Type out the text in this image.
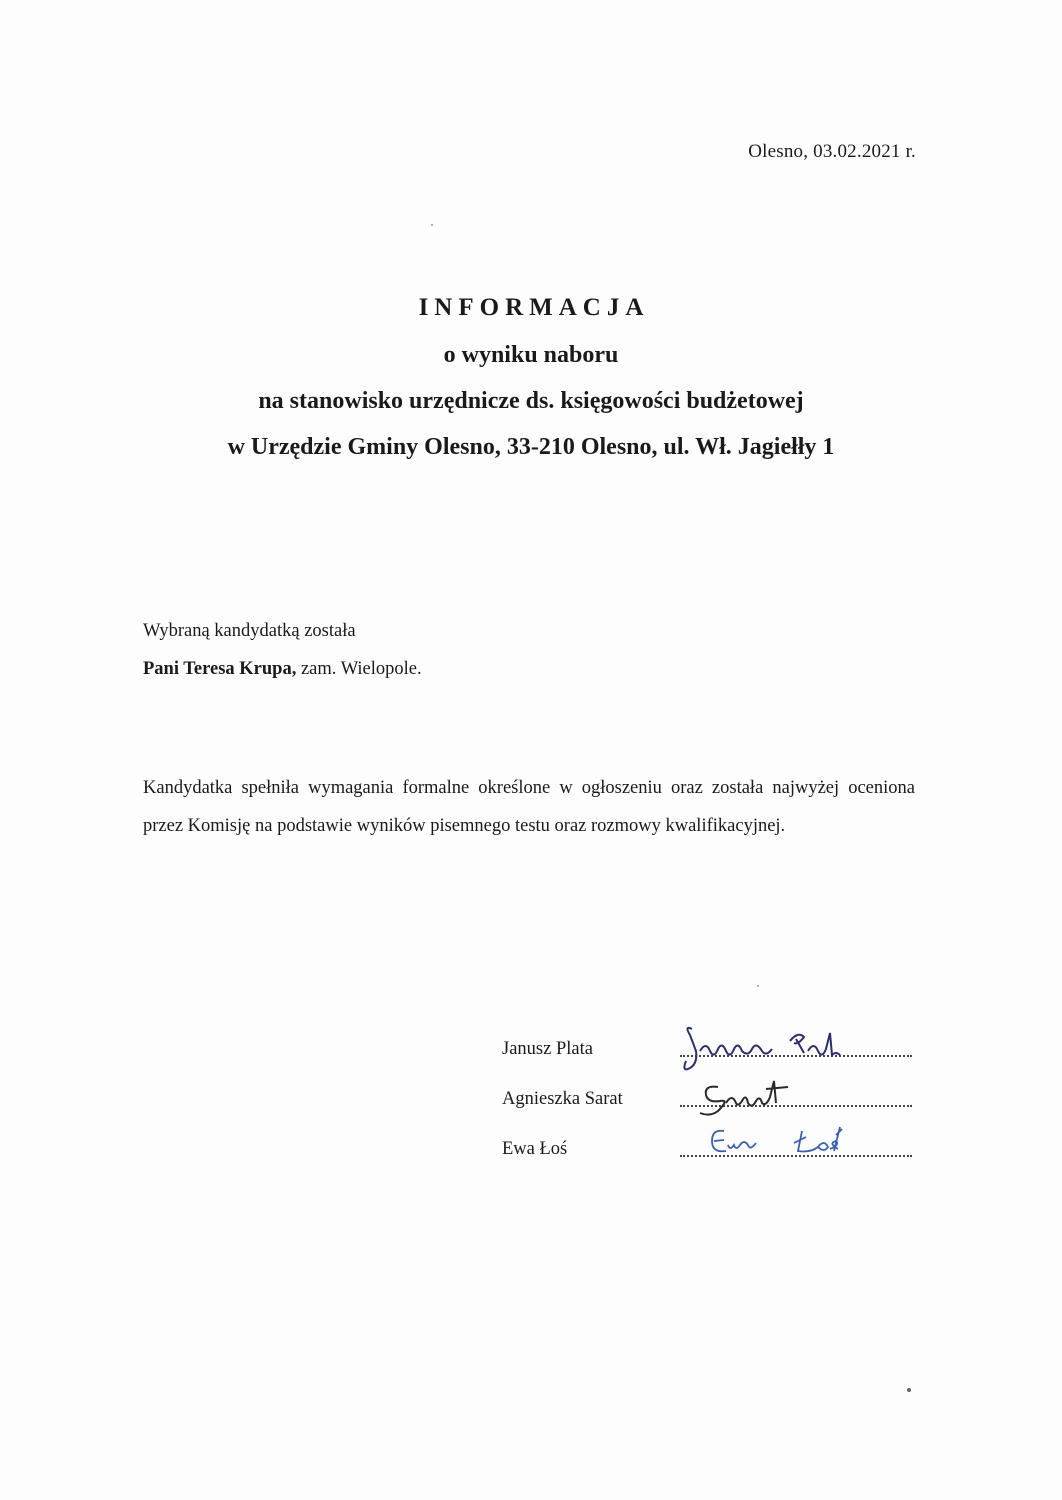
Olesno, 03.02.2021 r.
INFORMACJA
o wyniku naboru
na stanowisko urzędnicze ds. księgowości budżetowej
w Urzędzie Gminy Olesno, 33-210 Olesno, ul. Wł. Jagiełły 1
Wybraną kandydatką została
Pani Teresa Krupa, zam. Wielopole.
Kandydatka spełniła wymagania formalne określone w ogłoszeniu oraz została najwyżej oceniona przez Komisję na podstawie wyników pisemnego testu oraz rozmowy kwalifikacyjnej.
Janusz Plata
Agnieszka Sarat
Ewa Łoś
